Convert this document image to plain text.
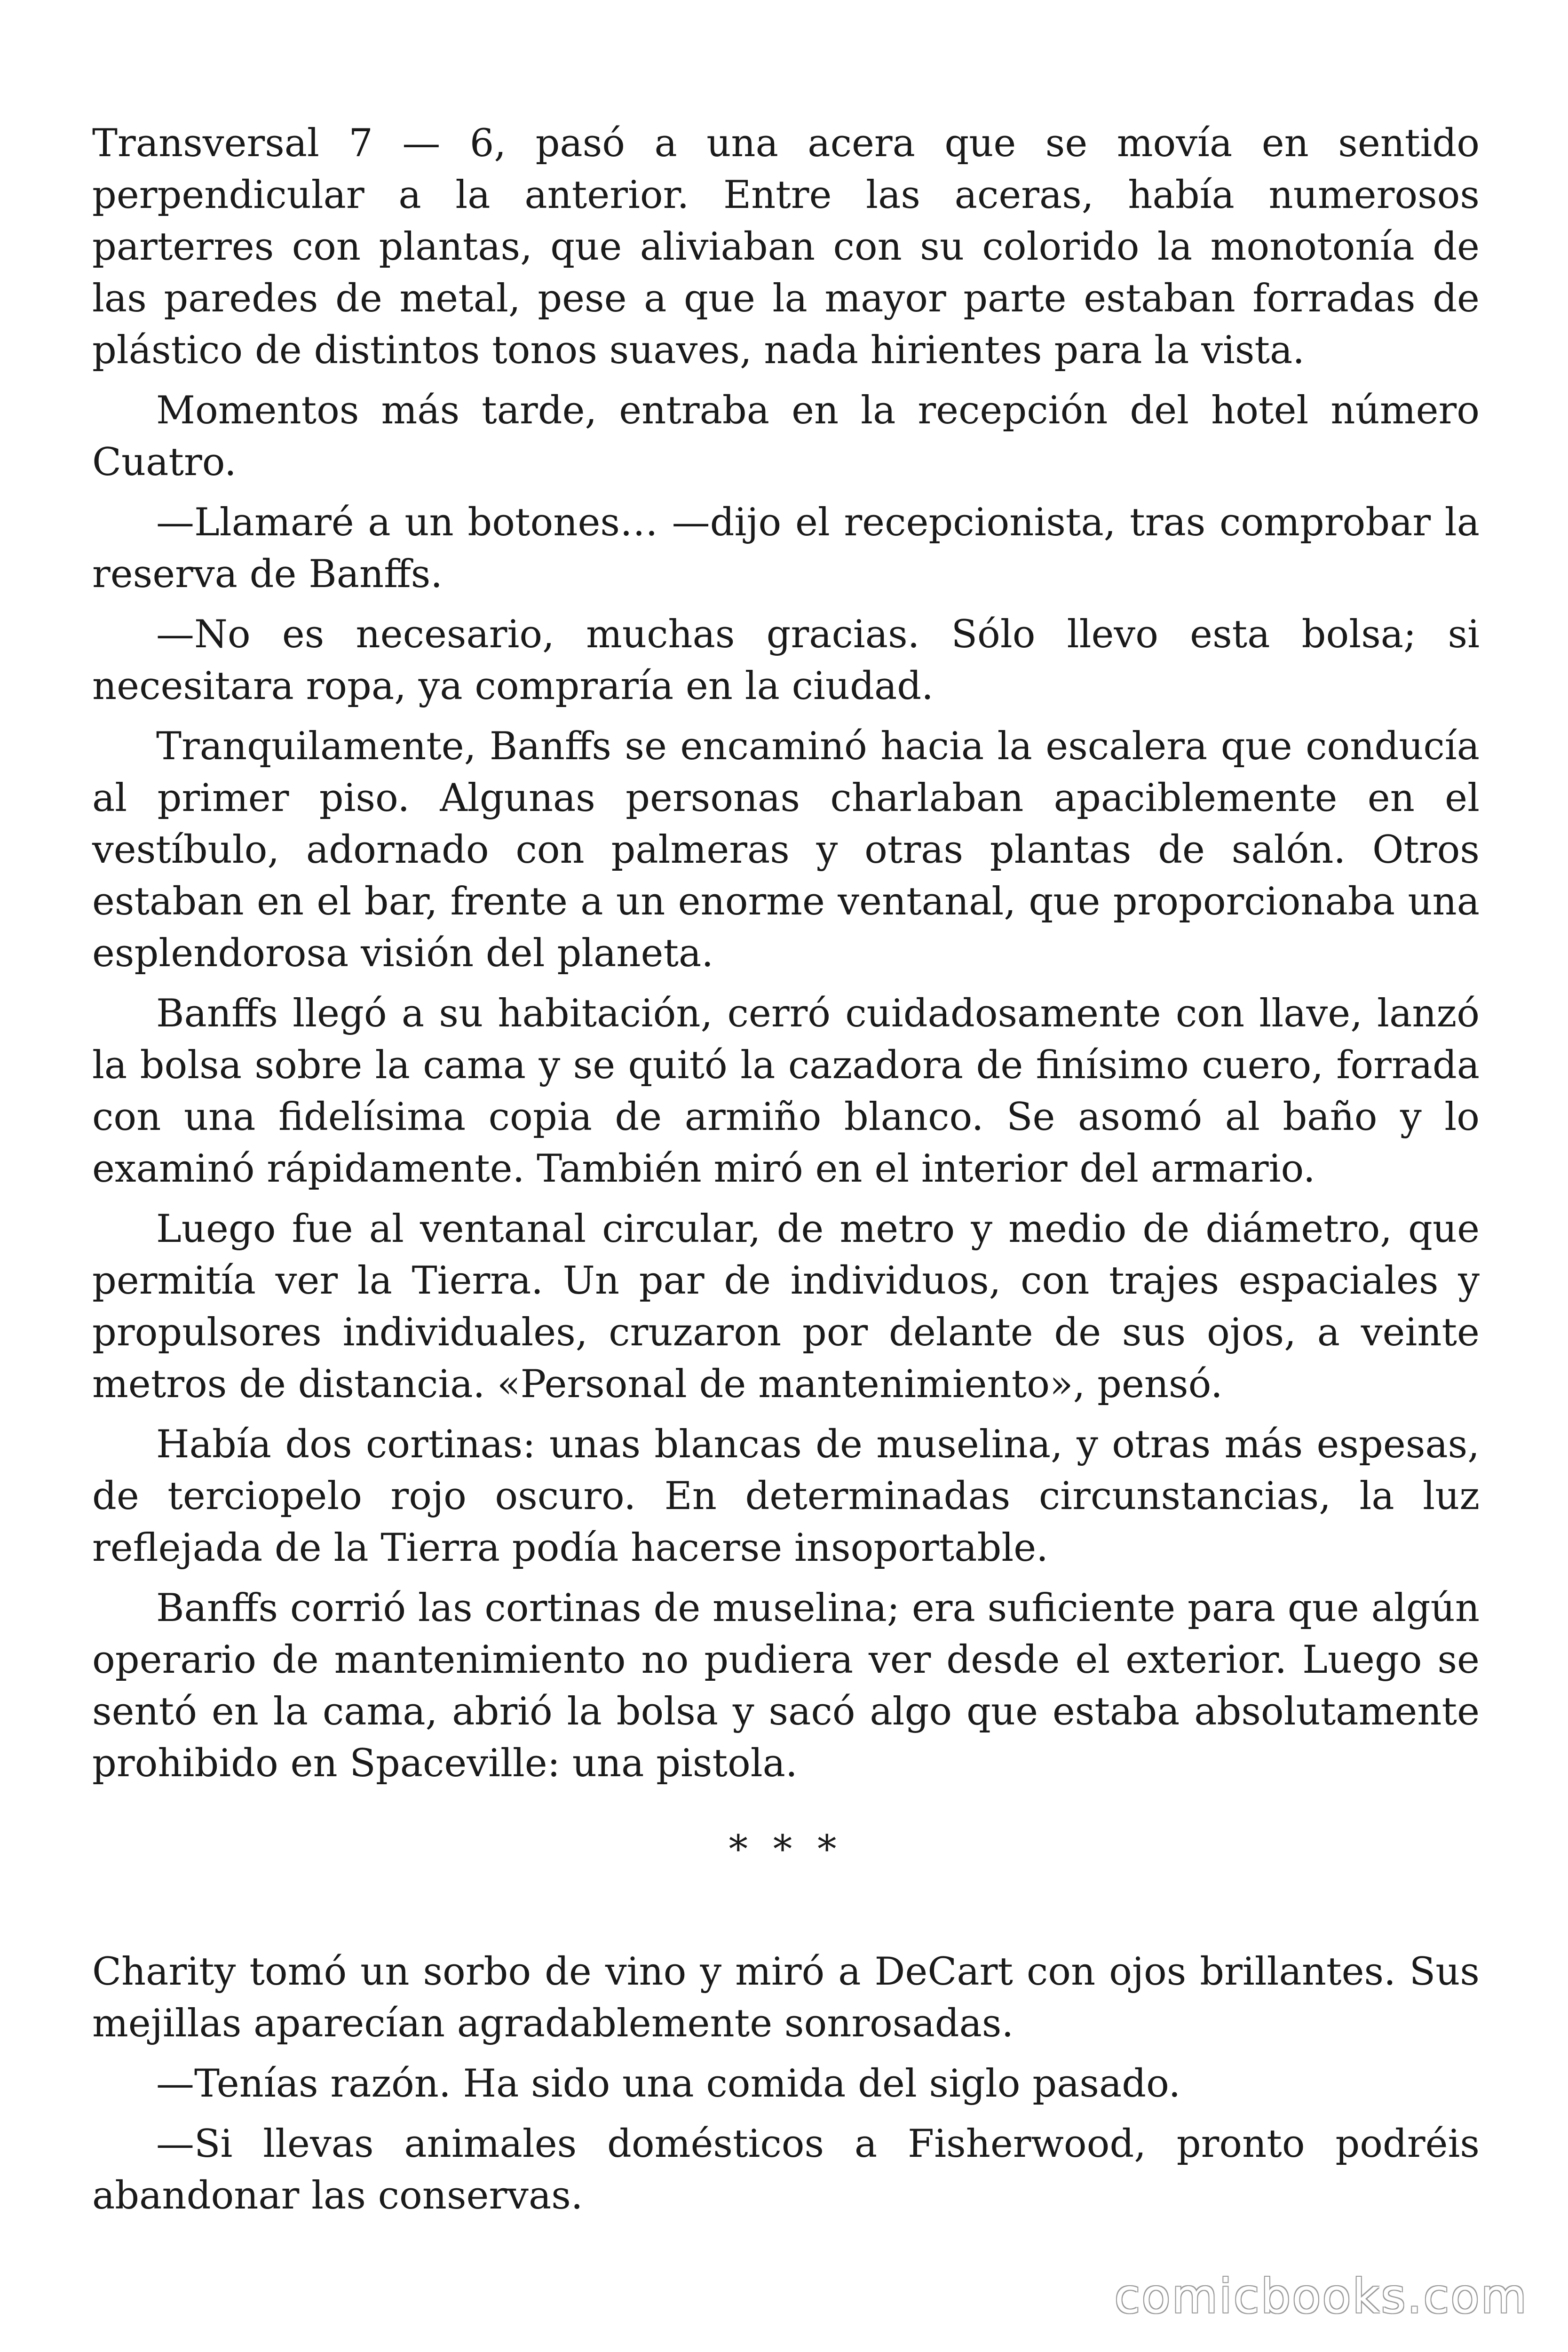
Transversal 7 — 6, pasó a una acera que se movía en sentido perpendicular a la anterior. Entre las aceras, había numerosos parterres con plantas, que aliviaban con su colorido la monotonía de las paredes de metal, pese a que la mayor parte estaban forradas de plástico de distintos tonos suaves, nada hirientes para la vista.

Momentos más tarde, entraba en la recepción del hotel número Cuatro.

—Llamaré a un botones… —dijo el recepcionista, tras comprobar la reserva de Banffs.

—No es necesario, muchas gracias. Sólo llevo esta bolsa; si necesitara ropa, ya compraría en la ciudad.

Tranquilamente, Banffs se encaminó hacia la escalera que conducía al primer piso. Algunas personas charlaban apaciblemente en el vestíbulo, adornado con palmeras y otras plantas de salón. Otros estaban en el bar, frente a un enorme ventanal, que proporcionaba una esplendorosa visión del planeta.

Banffs llegó a su habitación, cerró cuidadosamente con llave, lanzó la bolsa sobre la cama y se quitó la cazadora de finísimo cuero, forrada con una fidelísima copia de armiño blanco. Se asomó al baño y lo examinó rápidamente. También miró en el interior del armario.

Luego fue al ventanal circular, de metro y medio de diámetro, que permitía ver la Tierra. Un par de individuos, con trajes espaciales y propulsores individuales, cruzaron por delante de sus ojos, a veinte metros de distancia. «Personal de mantenimiento», pensó.

Había dos cortinas: unas blancas de muselina, y otras más espesas, de terciopelo rojo oscuro. En determinadas circunstancias, la luz reflejada de la Tierra podía hacerse insoportable.

Banffs corrió las cortinas de muselina; era suficiente para que algún operario de mantenimiento no pudiera ver desde el exterior. Luego se sentó en la cama, abrió la bolsa y sacó algo que estaba absolutamente prohibido en Spaceville: una pistola.

* * *

Charity tomó un sorbo de vino y miró a DeCart con ojos brillantes. Sus mejillas aparecían agradablemente sonrosadas.

—Tenías razón. Ha sido una comida del siglo pasado.

—Si llevas animales domésticos a Fisherwood, pronto podréis abandonar las conservas.

comicbooks.com
